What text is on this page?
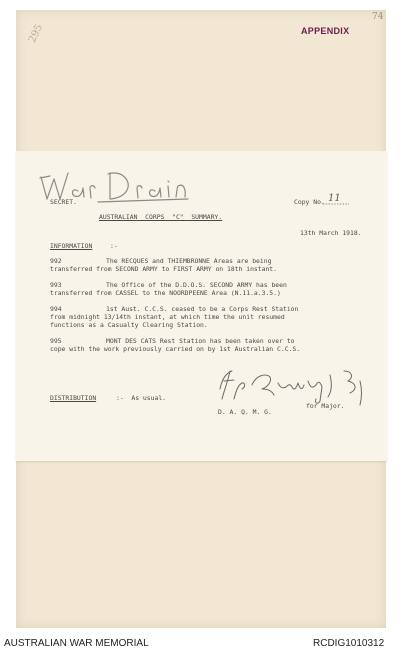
295
74
APPENDIX
SECRET.	Copy No. 11
AUSTRALIAN  CORPS  "C"  SUMMARY.
13th March 1918.
INFORMATION	:-
992	The RECQUES and THIEMBRONNE Areas are being
transferred from SECOND ARMY to FIRST ARMY on 18th instant.
993	The Office of the D.D.O.S. SECOND ARMY has been
transferred from CASSEL to the NOORDPEENE Area (N.11.a.3.5.)
994	1st Aust. C.C.S. ceased to be a Corps Rest Station
from midnight 13/14th instant, at which time the unit resumed
functions as a Casualty Clearing Station.
995	MONT DES CATS Rest Station has been taken over to
cope with the work previously carried on by 1st Australian C.C.S.
DISTRIBUTION	:-  As usual.
for Major.
D. A. Q. M. G.
AUSTRALIAN WAR MEMORIAL	RCDIG1010312
